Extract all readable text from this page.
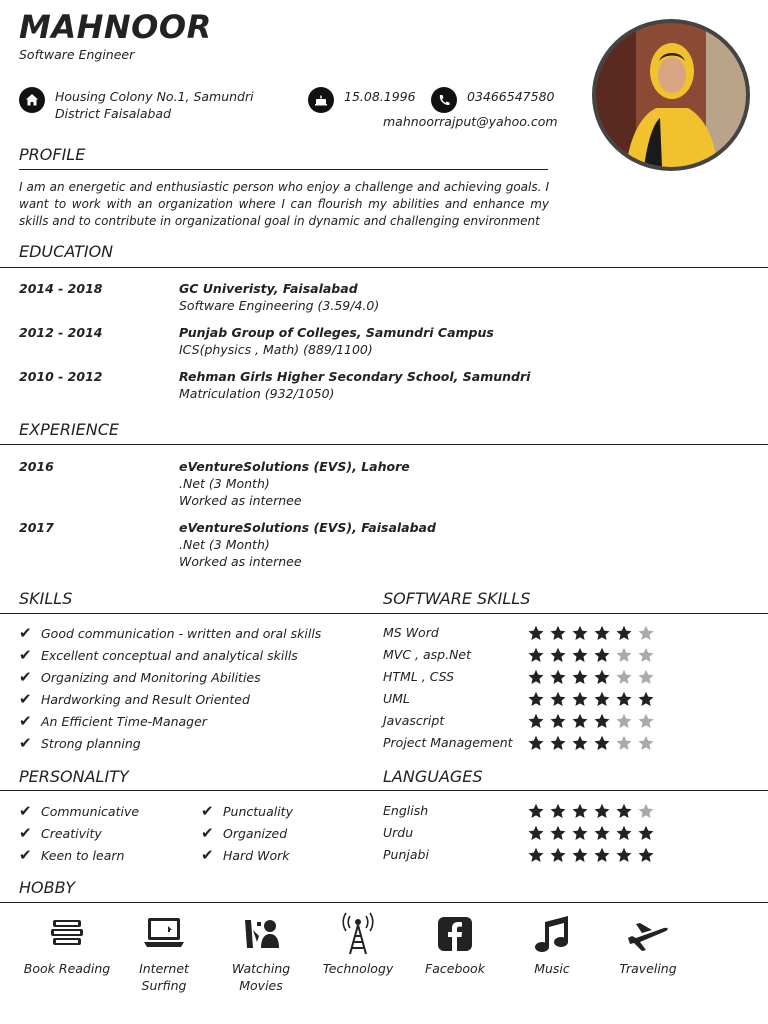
MAHNOOR
Software Engineer
Housing Colony No.1, Samundri
District Faisalabad
15.08.1996	03466547580
mahnoorrajput@yahoo.com
PROFILE
I am an energetic and enthusiastic person who enjoy a challenge and achieving goals. I want to work with an organization where I can flourish my abilities and enhance my skills and to contribute in organizational goal in dynamic and challenging environment
EDUCATION
2014 - 2018	GC Univeristy, Faisalabad
Software Engineering (3.59/4.0)
2012 - 2014	Punjab Group of Colleges, Samundri Campus
ICS(physics , Math) (889/1100)
2010 - 2012	Rehman Girls Higher Secondary School, Samundri
Matriculation (932/1050)
EXPERIENCE
2016	eVentureSolutions (EVS), Lahore
.Net (3 Month)
Worked as internee
2017	eVentureSolutions (EVS), Faisalabad
.Net (3 Month)
Worked as internee
SKILLS	SOFTWARE SKILLS
✔ Good communication - written and oral skills
✔ Excellent conceptual and analytical skills
✔ Organizing and Monitoring Abilities
✔ Hardworking and Result Oriented
✔ An Efficient Time-Manager
✔ Strong planning
MS Word
MVC , asp.Net
HTML , CSS
UML
Javascript
Project Management
PERSONALITY	LANGUAGES
✔ Communicative
✔ Creativity
✔ Keen to learn
✔ Punctuality
✔ Organized
✔ Hard Work
English
Urdu
Punjabi
HOBBY
Book Reading	Internet Surfing
Watching Movies
Technology	Facebook	Music	Traveling
